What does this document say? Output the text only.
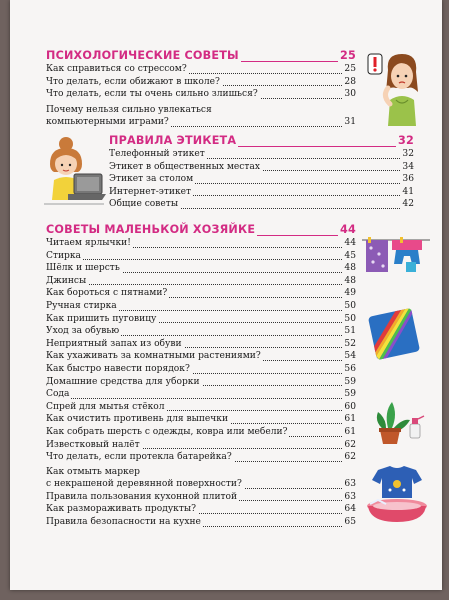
ПСИХОЛОГИЧЕСКИЕ СОВЕТЫ	25
Как справиться со стрессом?	25
Что делать, если обижают в школе?	28
Что делать, если ты очень сильно злишься?	30
Почему нельзя сильно увлекаться
компьютерными играми?	31
ПРАВИЛА ЭТИКЕТА	32
Телефонный этикет	32
Этикет в общественных местах	34
Этикет за столом	36
Интернет-этикет	41
Общие советы	42
СОВЕТЫ МАЛЕНЬКОЙ ХОЗЯЙКЕ	44
Читаем ярлычки!	44
Стирка	45
Шёлк и шерсть	48
Джинсы	48
Как бороться с пятнами?	49
Ручная стирка	50
Как пришить пуговицу	50
Уход за обувью	51
Неприятный запах из обуви	52
Как ухаживать за комнатными растениями?	54
Как быстро навести порядок?	56
Домашние средства для уборки	59
Сода	59
Спрей для мытья стёкол	60
Как очистить противень для выпечки	61
Как собрать шерсть с одежды, ковра или мебели?	61
Известковый налёт	62
Что делать, если протекла батарейка?	62
Как отмыть маркер
с некрашеной деревянной поверхности?	63
Правила пользования кухонной плитой	63
Как размораживать продукты?	64
Правила безопасности на кухне	65
